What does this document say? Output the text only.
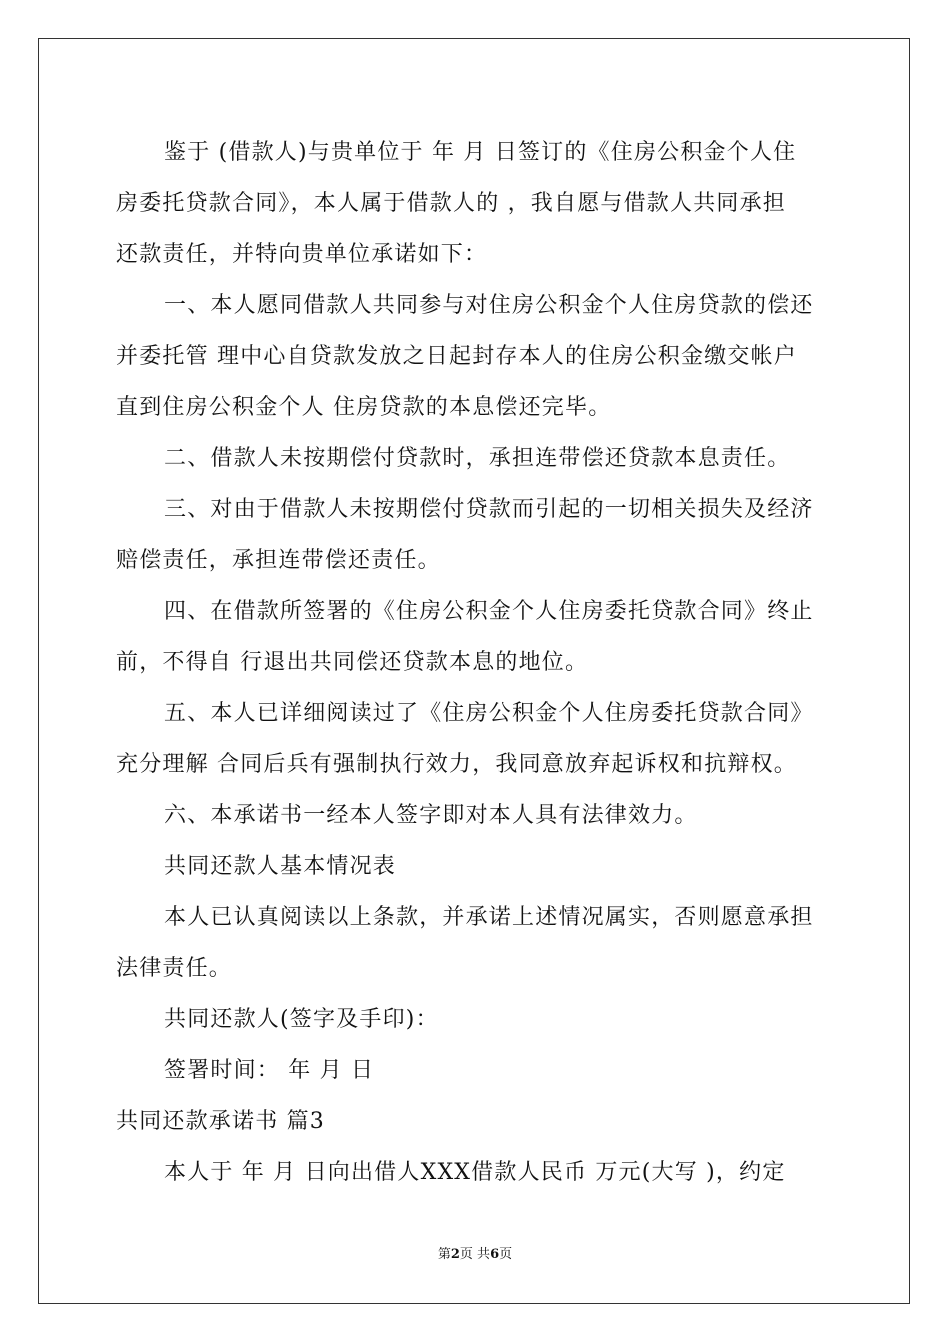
鉴于 (借款人)与贵单位于 年 月 日签订的《住房公积金个人住
房委托贷款合同》，本人属于借款人的 ，我自愿与借款人共同承担
还款责任，并特向贵单位承诺如下：
一、本人愿同借款人共同参与对住房公积金个人住房贷款的偿还
并委托管 理中心自贷款发放之日起封存本人的住房公积金缴交帐户
直到住房公积金个人 住房贷款的本息偿还完毕。
二、借款人未按期偿付贷款时，承担连带偿还贷款本息责任。
三、对由于借款人未按期偿付贷款而引起的一切相关损失及经济
赔偿责任，承担连带偿还责任。
四、在借款所签署的《住房公积金个人住房委托贷款合同》终止
前，不得自 行退出共同偿还贷款本息的地位。
五、本人已详细阅读过了《住房公积金个人住房委托贷款合同》
充分理解 合同后兵有强制执行效力，我同意放弃起诉权和抗辩权。
六、本承诺书一经本人签字即对本人具有法律效力。
共同还款人基本情况表
本人已认真阅读以上条款，并承诺上述情况属实，否则愿意承担
法律责任。
共同还款人(签字及手印)：
签署时间： 年 月 日
共同还款承诺书 篇3
本人于 年 月 日向出借人XXX借款人民币 万元(大写 )，约定
第2页 共6页
